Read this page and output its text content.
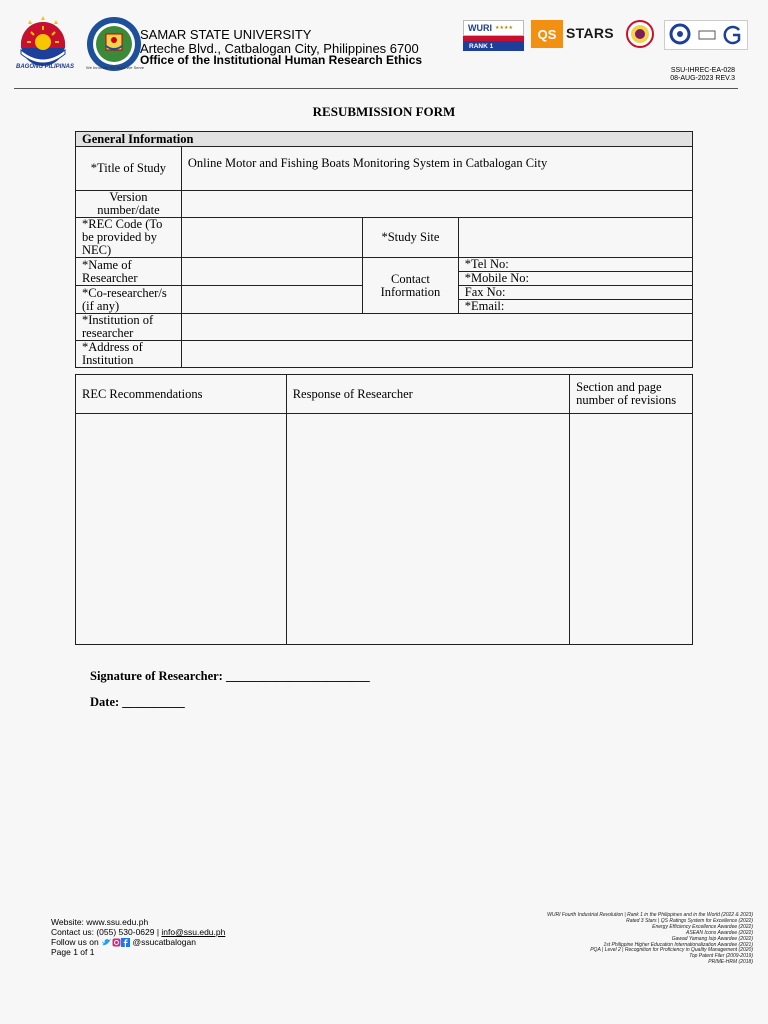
BAGONG PILIPINAS	We Innovate We Build We Serve
SAMAR STATE UNIVERSITY
Arteche Blvd., Catbalogan City, Philippines 6700
Office of the Institutional Human Research Ethics
WURI ★★★★
RANK 1
QS STARS
SSU-IHREC-EA-028
08-AUG-2023 REV.3
RESUBMISSION FORM
General Information			
*Title of Study	Online Motor and Fishing Boats Monitoring System in Catbalogan City		
Version number/date			
*REC Code (To be provided by NEC)		*Study Site	
*Name of Researcher		Contact Information	*Tel No:
			*Mobile No:
*Co-researcher/s (if any)			Fax No:
			*Email:
*Institution of researcher			
*Address of Institution			
REC Recommendations	Response of Researcher	Section and page number of revisions

Signature of Researcher: _______________________
Date: __________
Website: www.ssu.edu.ph
Contact us: (055) 530-0629 | info@ssu.edu.ph
Follow us on	@ssucatbalogan
Page 1 of 1
WURI Fourth Industrial Revolution | Rank 1 in the Philippines and in the World (2022 & 2023)
Rated 3 Stars | QS Ratings System for Excellence (2022)
Energy Efficiency Excellence Awardee (2022)
ASEAN Icons Awardee (2022)
Gawad Yamang Isip Awardee (2022)
1st Philippine Higher Education Internationalization Awardee (2021)
PQA | Level 2 | Recognition for Proficiency in Quality Management (2020)
Top Patent Filer (2009-2019)
PRIME-HRM (2018)
